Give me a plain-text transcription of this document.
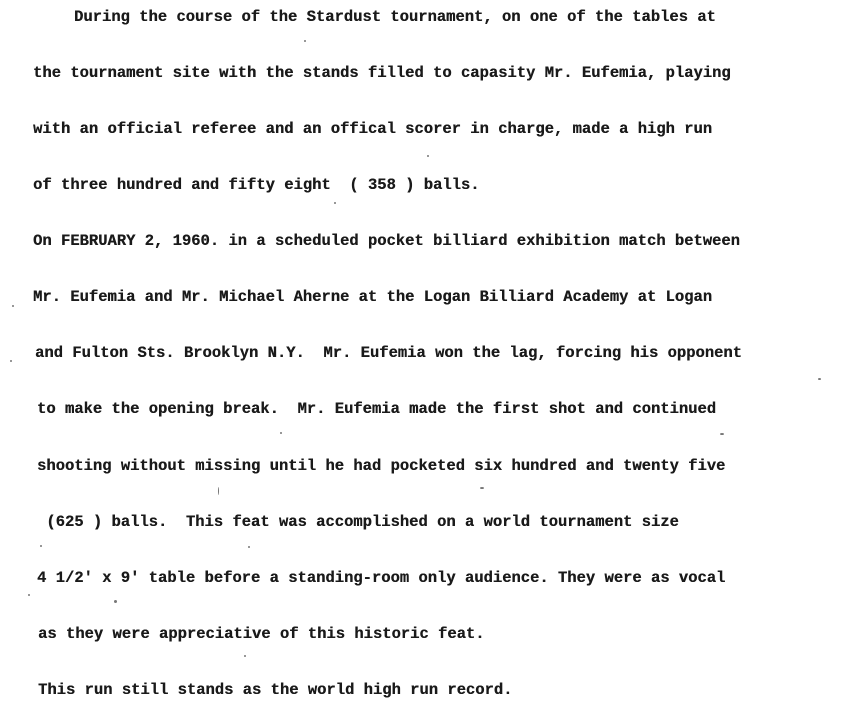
During the course of the Stardust tournament, on one of the tables at
the tournament site with the stands filled to capasity Mr. Eufemia, playing
with an official referee and an offical scorer in charge, made a high run
of three hundred and fifty eight  ( 358 ) balls.
On FEBRUARY 2, 1960. in a scheduled pocket billiard exhibition match between
Mr. Eufemia and Mr. Michael Aherne at the Logan Billiard Academy at Logan
and Fulton Sts. Brooklyn N.Y.  Mr. Eufemia won the lag, forcing his opponent
to make the opening break.  Mr. Eufemia made the first shot and continued
shooting without missing until he had pocketed six hundred and twenty five
(625 ) balls.  This feat was accomplished on a world tournament size
4 1/2' x 9' table before a standing-room only audience. They were as vocal
as they were appreciative of this historic feat.
This run still stands as the world high run record.
